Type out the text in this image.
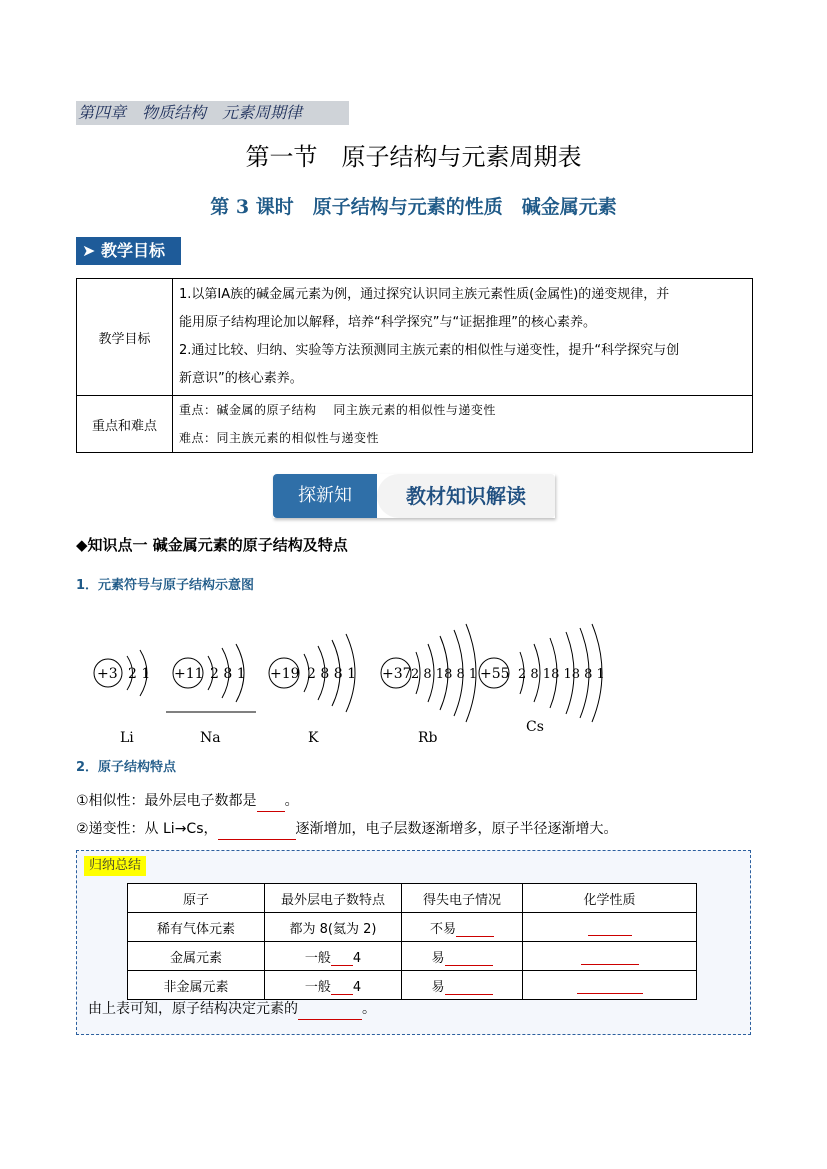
第四章　物质结构　元素周期律
第一节　原子结构与元素周期表
第 3 课时　原子结构与元素的性质　碱金属元素
➤ 教学目标
教学目标	1.以第ⅠA族的碱金属元素为例，通过探究认识同主族元素性质(金属性)的递变规律，并
能用原子结构理论加以解释，培养“科学探究”与“证据推理”的核心素养。
2.通过比较、归纳、实验等方法预测同主族元素的相似性与递变性，提升“科学探究与创
新意识”的核心素养。

重点和难点	重点：碱金属的原子结构　 同主族元素的相似性与递变性
难点：同主族元素的相似性与递变性
探新知	教材知识解读
◆知识点一 碱金属元素的原子结构及特点
1．元素符号与原子结构示意图
+3 2 1
Li
+11 2 8 1
Na
+19 2 8 8 1
K
+37 2 8 18 8 1
Rb
+55 2 8 18 18 8 1
Cs
2．原子结构特点
①相似性：最外层电子数都是 。
②递变性：从 Li→Cs，	逐渐增加，电子层数逐渐增多，原子半径逐渐增大。
归纳总结
原子	最外层电子数特点	得失电子情况	化学性质
稀有气体元素	都为 8(氦为 2)	不易	
金属元素	一般 4	易	
非金属元素	一般 4	易	
由上表可知，原子结构决定元素的	。
